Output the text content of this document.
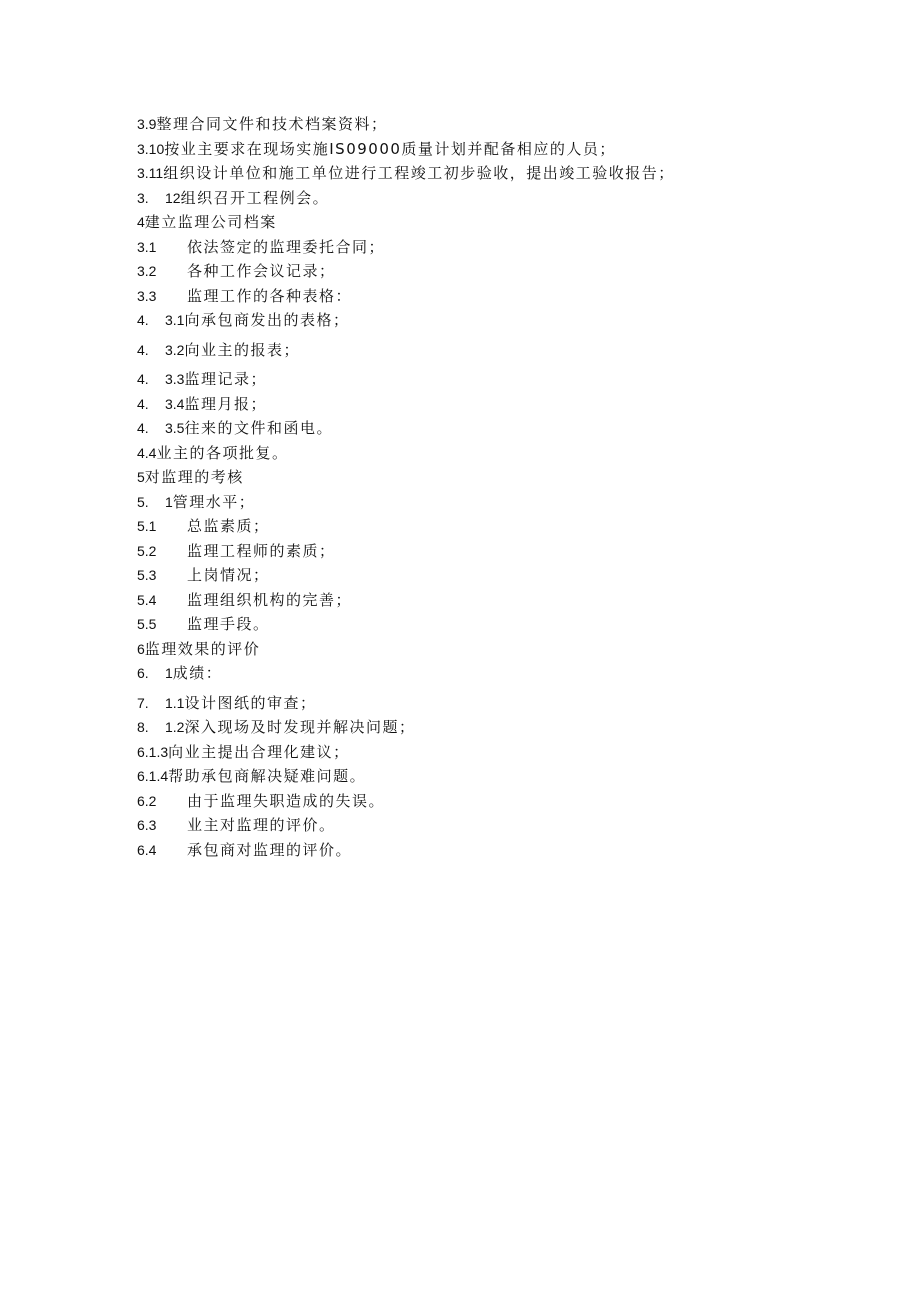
3.9整理合同文件和技术档案资料；
3.10按业主要求在现场实施IS09000质量计划并配备相应的人员；
3.11组织设计单位和施工单位进行工程竣工初步验收，提出竣工验收报告；
3. 12组织召开工程例会。
4建立监理公司档案
3.1 依法签定的监理委托合同；
3.2 各种工作会议记录；
3.3 监理工作的各种表格：
4. 3.1向承包商发出的表格；
4. 3.2向业主的报表；
4. 3.3监理记录；
4. 3.4监理月报；
4. 3.5往来的文件和函电。
4.4业主的各项批复。
5对监理的考核
5. 1管理水平；
5.1 总监素质；
5.2 监理工程师的素质；
5.3 上岗情况；
5.4 监理组织机构的完善；
5.5 监理手段。
6监理效果的评价
6. 1成绩：
7. 1.1设计图纸的审查；
8. 1.2深入现场及时发现并解决问题；
6.1.3向业主提出合理化建议；
6.1.4帮助承包商解决疑难问题。
6.2 由于监理失职造成的失误。
6.3 业主对监理的评价。
6.4 承包商对监理的评价。
